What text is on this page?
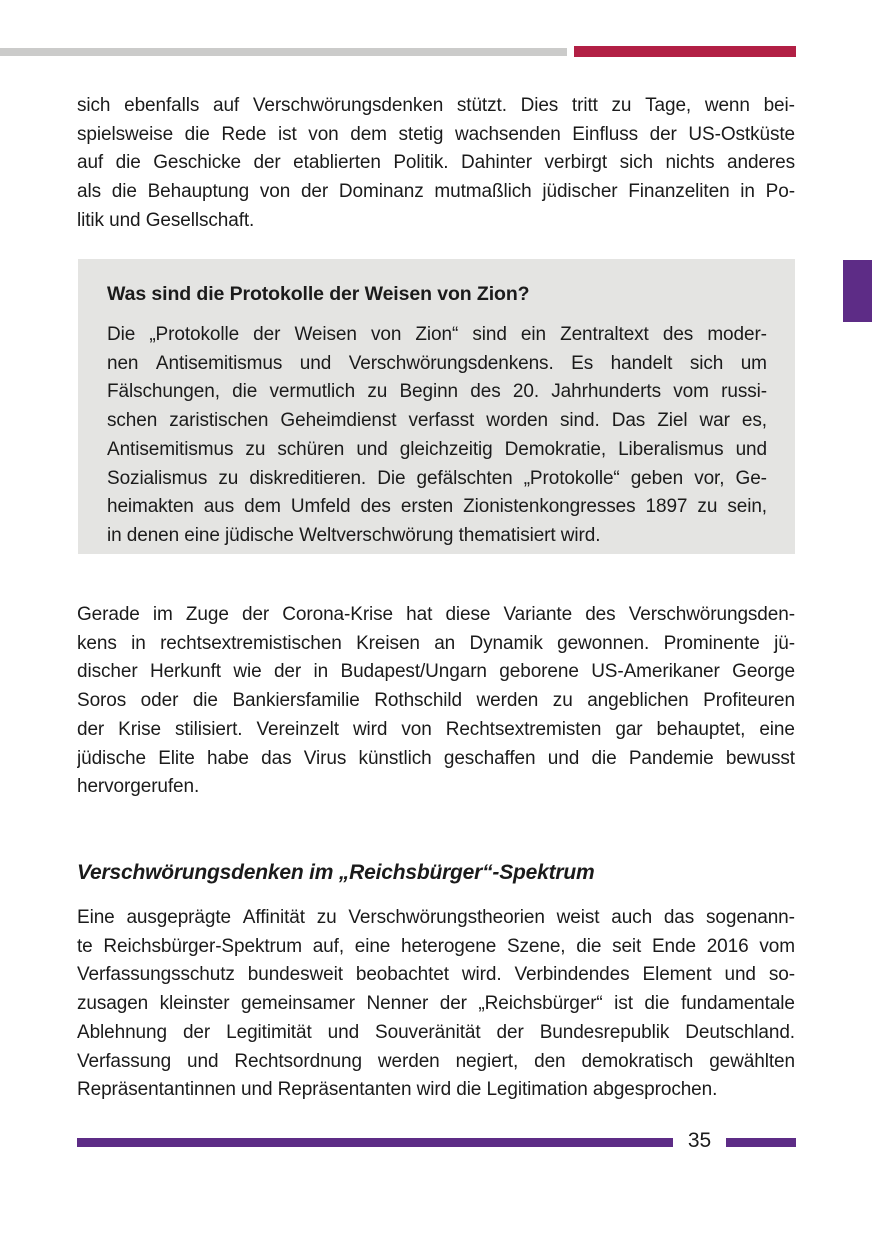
sich ebenfalls auf Verschwörungsdenken stützt. Dies tritt zu Tage, wenn bei-
spielsweise die Rede ist von dem stetig wachsenden Einfluss der US-Ostküste
auf die Geschicke der etablierten Politik. Dahinter verbirgt sich nichts anderes
als die Behauptung von der Dominanz mutmaßlich jüdischer Finanzeliten in Po-
litik und Gesellschaft.
Was sind die Protokolle der Weisen von Zion?
Die „Protokolle der Weisen von Zion“ sind ein Zentraltext des moder-
nen Antisemitismus und Verschwörungsdenkens. Es handelt sich um
Fälschungen, die vermutlich zu Beginn des 20. Jahrhunderts vom russi-
schen zaristischen Geheimdienst verfasst worden sind. Das Ziel war es,
Antisemitismus zu schüren und gleichzeitig Demokratie, Liberalismus und
Sozialismus zu diskreditieren. Die gefälschten „Protokolle“ geben vor, Ge-
heimakten aus dem Umfeld des ersten Zionistenkongresses 1897 zu sein,
in denen eine jüdische Weltverschwörung thematisiert wird.
Gerade im Zuge der Corona-Krise hat diese Variante des Verschwörungsden-
kens in rechtsextremistischen Kreisen an Dynamik gewonnen. Prominente jü-
discher Herkunft wie der in Budapest/Ungarn geborene US-Amerikaner George
Soros oder die Bankiersfamilie Rothschild werden zu angeblichen Profiteuren
der Krise stilisiert. Vereinzelt wird von Rechtsextremisten gar behauptet, eine
jüdische Elite habe das Virus künstlich geschaffen und die Pandemie bewusst
hervorgerufen.
Verschwörungsdenken im „Reichsbürger“-Spektrum
Eine ausgeprägte Affinität zu Verschwörungstheorien weist auch das sogenann-
te Reichsbürger-Spektrum auf, eine heterogene Szene, die seit Ende 2016 vom
Verfassungsschutz bundesweit beobachtet wird. Verbindendes Element und so-
zusagen kleinster gemeinsamer Nenner der „Reichsbürger“ ist die fundamentale
Ablehnung der Legitimität und Souveränität der Bundesrepublik Deutschland.
Verfassung und Rechtsordnung werden negiert, den demokratisch gewählten
Repräsentantinnen und Repräsentanten wird die Legitimation abgesprochen.
35
